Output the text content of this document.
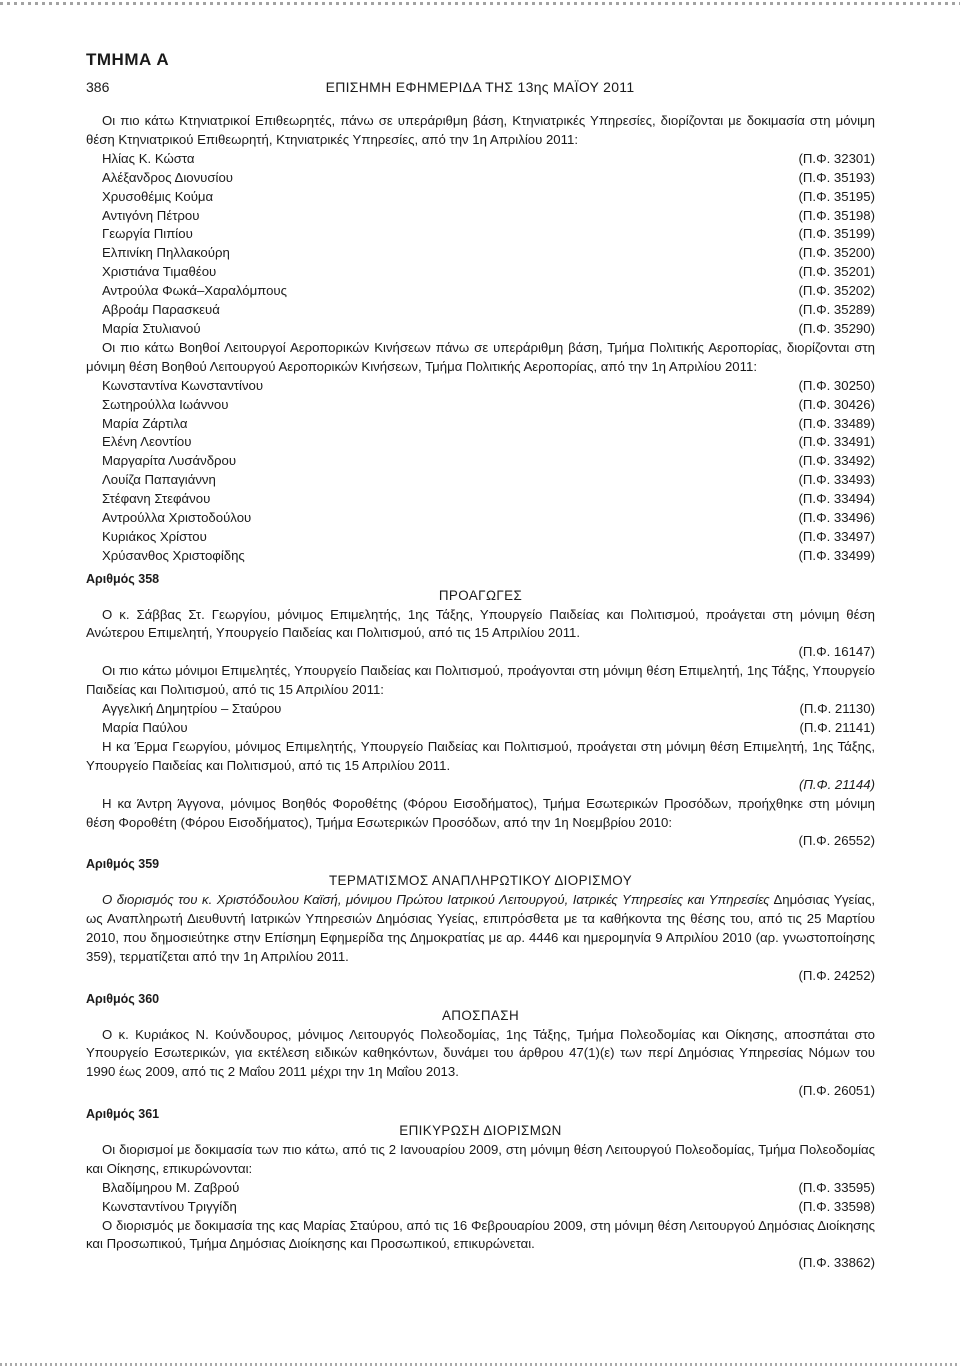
ΤΜΗΜΑ Α
386	ΕΠΙΣΗΜΗ ΕΦΗΜΕΡΙΔΑ ΤΗΣ 13ης ΜΑΪΟΥ 2011

Οι πιο κάτω Κτηνιατρικοί Επιθεωρητές, πάνω σε υπεράριθμη βάση, Κτηνιατρικές Υπηρεσίες, διορίζονται με δοκιμασία στη μόνιμη θέση Κτηνιατρικού Επιθεωρητή, Κτηνιατρικές Υπηρεσίες, από την 1η Απριλίου 2011:

Ηλίας Κ. Κώστα	(Π.Φ. 32301)
Αλέξανδρος Διονυσίου	(Π.Φ. 35193)
Χρυσοθέμις Κούμα	(Π.Φ. 35195)
Αντιγόνη Πέτρου	(Π.Φ. 35198)
Γεωργία Πιπίου	(Π.Φ. 35199)
Ελπινίκη Πηλλακούρη	(Π.Φ. 35200)
Χριστιάνα Τιμαθέου	(Π.Φ. 35201)
Αντρούλα Φωκά–Χαραλόμπους	(Π.Φ. 35202)
Αβροάμ Παρασκευά	(Π.Φ. 35289)
Μαρία Στυλιανού	(Π.Φ. 35290)

Οι πιο κάτω Βοηθοί Λειτουργοί Αεροπορικών Κινήσεων πάνω σε υπεράριθμη βάση, Τμήμα Πολιτικής Αεροπορίας, διορίζονται στη μόνιμη θέση Βοηθού Λειτουργού Αεροπορικών Κινήσεων, Τμήμα Πολιτικής Αεροπορίας, από την 1η Απριλίου 2011:

Κωνσταντίνα Κωνσταντίνου	(Π.Φ. 30250)
Σωτηρούλλα Ιωάννου	(Π.Φ. 30426)
Μαρία Ζάρτιλα	(Π.Φ. 33489)
Ελένη Λεοντίου	(Π.Φ. 33491)
Μαργαρίτα Λυσάνδρου	(Π.Φ. 33492)
Λουίζα Παπαγιάννη	(Π.Φ. 33493)
Στέφανη Στεφάνου	(Π.Φ. 33494)
Αντρούλλα Χριστοδούλου	(Π.Φ. 33496)
Κυριάκος Χρίστου	(Π.Φ. 33497)
Χρύσανθος Χριστοφίδης	(Π.Φ. 33499)
Αριθμός 358
ΠΡΟΑΓΩΓΕΣ

Ο κ. Σάββας Στ. Γεωργίου, μόνιμος Επιμελητής, 1ης Τάξης, Υπουργείο Παιδείας και Πολιτισμού, προάγεται στη μόνιμη θέση Ανώτερου Επιμελητή, Υπουργείο Παιδείας και Πολιτισμού, από τις 15 Απριλίου 2011.

(Π.Φ. 16147)

Οι πιο κάτω μόνιμοι Επιμελητές, Υπουργείο Παιδείας και Πολιτισμού, προάγονται στη μόνιμη θέση Επιμελητή, 1ης Τάξης, Υπουργείο Παιδείας και Πολιτισμού, από τις 15 Απριλίου 2011:

Αγγελική Δημητρίου – Σταύρου	(Π.Φ. 21130)
Μαρία Παύλου	(Π.Φ. 21141)

Η κα Έρμα Γεωργίου, μόνιμος Επιμελητής, Υπουργείο Παιδείας και Πολιτισμού, προάγεται στη μόνιμη θέση Επιμελητή, 1ης Τάξης, Υπουργείο Παιδείας και Πολιτισμού, από τις 15 Απριλίου 2011.

(Π.Φ. 21144)

Η κα Άντρη Άγγονα, μόνιμος Βοηθός Φοροθέτης (Φόρου Εισοδήματος), Τμήμα Εσωτερικών Προσόδων, προήχθηκε στη μόνιμη θέση Φοροθέτη (Φόρου Εισοδήματος), Τμήμα Εσωτερικών Προσόδων, από την 1η Νοεμβρίου 2010:

(Π.Φ. 26552)
Αριθμός 359
ΤΕΡΜΑΤΙΣΜΟΣ ΑΝΑΠΛΗΡΩΤΙΚΟΥ ΔΙΟΡΙΣΜΟΥ

Ο διορισμός του κ. Χριστόδουλου Καϊσή, μόνιμου Πρώτου Ιατρικού Λειτουργού, Ιατρικές Υπηρεσίες και Υπηρεσίες Δημόσιας Υγείας, ως Αναπληρωτή Διευθυντή Ιατρικών Υπηρεσιών Δημόσιας Υγείας, επιπρόσθετα με τα καθήκοντα της θέσης του, από τις 25 Μαρτίου 2010, που δημοσιεύτηκε στην Επίσημη Εφημερίδα της Δημοκρατίας με αρ. 4446 και ημερομηνία 9 Απριλίου 2010 (αρ. γνωστοποίησης 359), τερματίζεται από την 1η Απριλίου 2011.

(Π.Φ. 24252)
Αριθμός 360
ΑΠΟΣΠΑΣΗ

Ο κ. Κυριάκος Ν. Κούνδουρος, μόνιμος Λειτουργός Πολεοδομίας, 1ης Τάξης, Τμήμα Πολεοδομίας και Οίκησης, αποσπάται στο Υπουργείο Εσωτερικών, για εκτέλεση ειδικών καθηκόντων, δυνάμει του άρθρου 47(1)(ε) των περί Δημόσιας Υπηρεσίας Νόμων του 1990 έως 2009, από τις 2 Μαΐου 2011 μέχρι την 1η Μαΐου 2013.

(Π.Φ. 26051)
Αριθμός 361
ΕΠΙΚΥΡΩΣΗ ΔΙΟΡΙΣΜΩΝ

Οι διορισμοί με δοκιμασία των πιο κάτω, από τις 2 Ιανουαρίου 2009, στη μόνιμη θέση Λειτουργού Πολεοδομίας, Τμήμα Πολεοδομίας και Οίκησης, επικυρώνονται:

Βλαδίμηρου Μ. Ζαβρού	(Π.Φ. 33595)
Κωνσταντίνου Τριγγίδη	(Π.Φ. 33598)

Ο διορισμός με δοκιμασία της κας Μαρίας Σταύρου, από τις 16 Φεβρουαρίου 2009, στη μόνιμη θέση Λειτουργού Δημόσιας Διοίκησης και Προσωπικού, Τμήμα Δημόσιας Διοίκησης και Προσωπικού, επικυρώνεται.

(Π.Φ. 33862)
